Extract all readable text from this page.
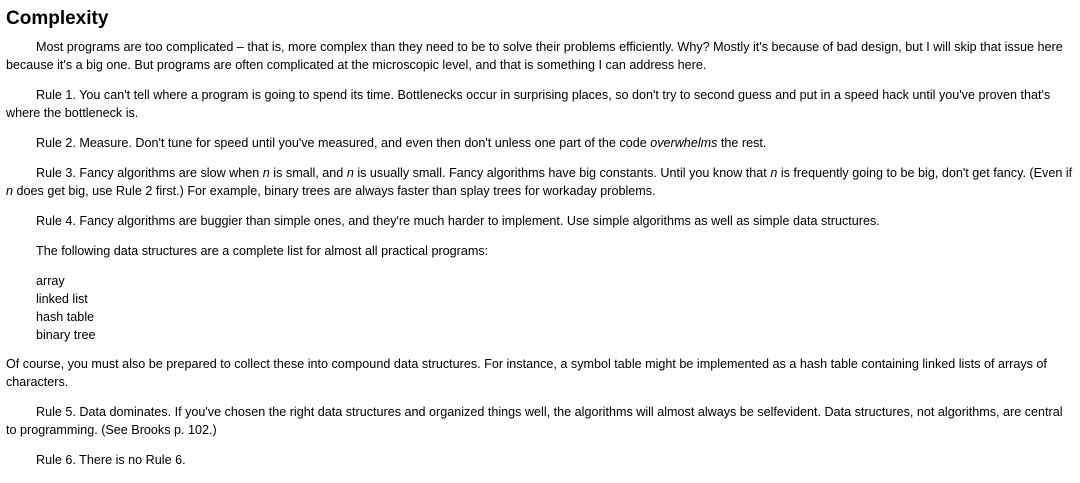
Complexity

Most programs are too complicated – that is, more complex than they need to be to solve their problems efficiently. Why? Mostly it's because of bad design, but I will skip that issue here because it's a big one. But programs are often complicated at the microscopic level, and that is something I can address here.

Rule 1. You can't tell where a program is going to spend its time. Bottlenecks occur in surprising places, so don't try to second guess and put in a speed hack until you've proven that's where the bottleneck is.

Rule 2. Measure. Don't tune for speed until you've measured, and even then don't unless one part of the code overwhelms the rest.

Rule 3. Fancy algorithms are slow when n is small, and n is usually small. Fancy algorithms have big constants. Until you know that n is frequently going to be big, don't get fancy. (Even if n does get big, use Rule 2 first.) For example, binary trees are always faster than splay trees for workaday problems.

Rule 4. Fancy algorithms are buggier than simple ones, and they're much harder to implement. Use simple algorithms as well as simple data structures.

The following data structures are a complete list for almost all practical programs:

array
linked list
hash table
binary tree

Of course, you must also be prepared to collect these into compound data structures. For instance, a symbol table might be implemented as a hash table containing linked lists of arrays of characters.

Rule 5. Data dominates. If you've chosen the right data structures and organized things well, the algorithms will almost always be selfevident. Data structures, not algorithms, are central to programming. (See Brooks p. 102.)

Rule 6. There is no Rule 6.
